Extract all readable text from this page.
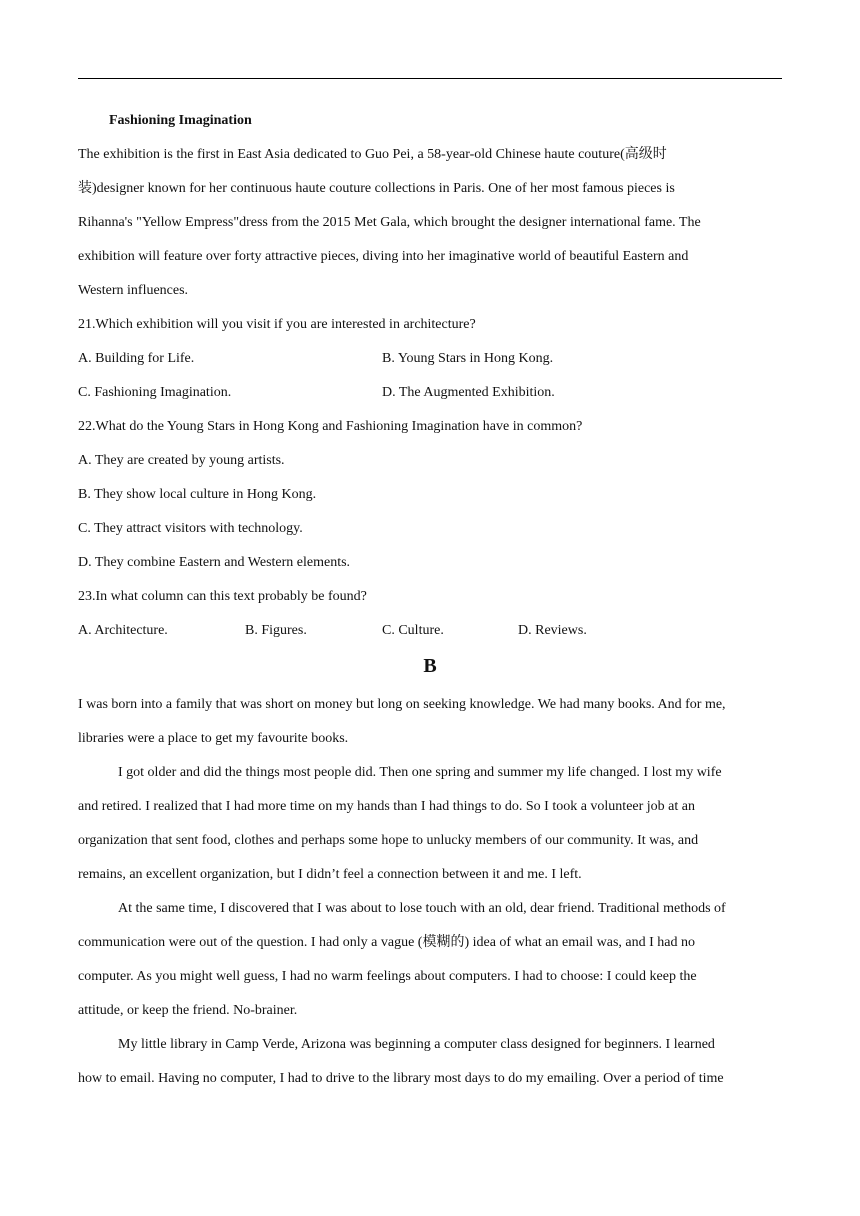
Fashioning Imagination
The exhibition is the first in East Asia dedicated to Guo Pei, a 58-year-old Chinese haute couture(高级时
装)designer known for her continuous haute couture collections in Paris. One of her most famous pieces is
Rihanna's "Yellow Empress"dress from the 2015 Met Gala, which brought the designer international fame. The
exhibition will feature over forty attractive pieces, diving into her imaginative world of beautiful Eastern and
Western influences.
21.Which exhibition will you visit if you are interested in architecture?
A. Building for Life.	B. Young Stars in Hong Kong.
C. Fashioning Imagination.	D. The Augmented Exhibition.
22.What do the Young Stars in Hong Kong and Fashioning Imagination have in common?
A. They are created by young artists.
B. They show local culture in Hong Kong.
C. They attract visitors with technology.
D. They combine Eastern and Western elements.
23.In what column can this text probably be found?
A. Architecture.	B. Figures.	C. Culture.	D. Reviews.
B
I was born into a family that was short on money but long on seeking knowledge. We had many books. And for me,
libraries were a place to get my favourite books.
I got older and did the things most people did. Then one spring and summer my life changed. I lost my wife
and retired. I realized that I had more time on my hands than I had things to do. So I took a volunteer job at an
organization that sent food, clothes and perhaps some hope to unlucky members of our community. It was, and
remains, an excellent organization, but I didn’t feel a connection between it and me. I left.
At the same time, I discovered that I was about to lose touch with an old, dear friend. Traditional methods of
communication were out of the question. I had only a vague (模糊的) idea of what an email was, and I had no
computer. As you might well guess, I had no warm feelings about computers. I had to choose: I could keep the
attitude, or keep the friend. No-brainer.
My little library in Camp Verde, Arizona was beginning a computer class designed for beginners. I learned
how to email. Having no computer, I had to drive to the library most days to do my emailing. Over a period of time
